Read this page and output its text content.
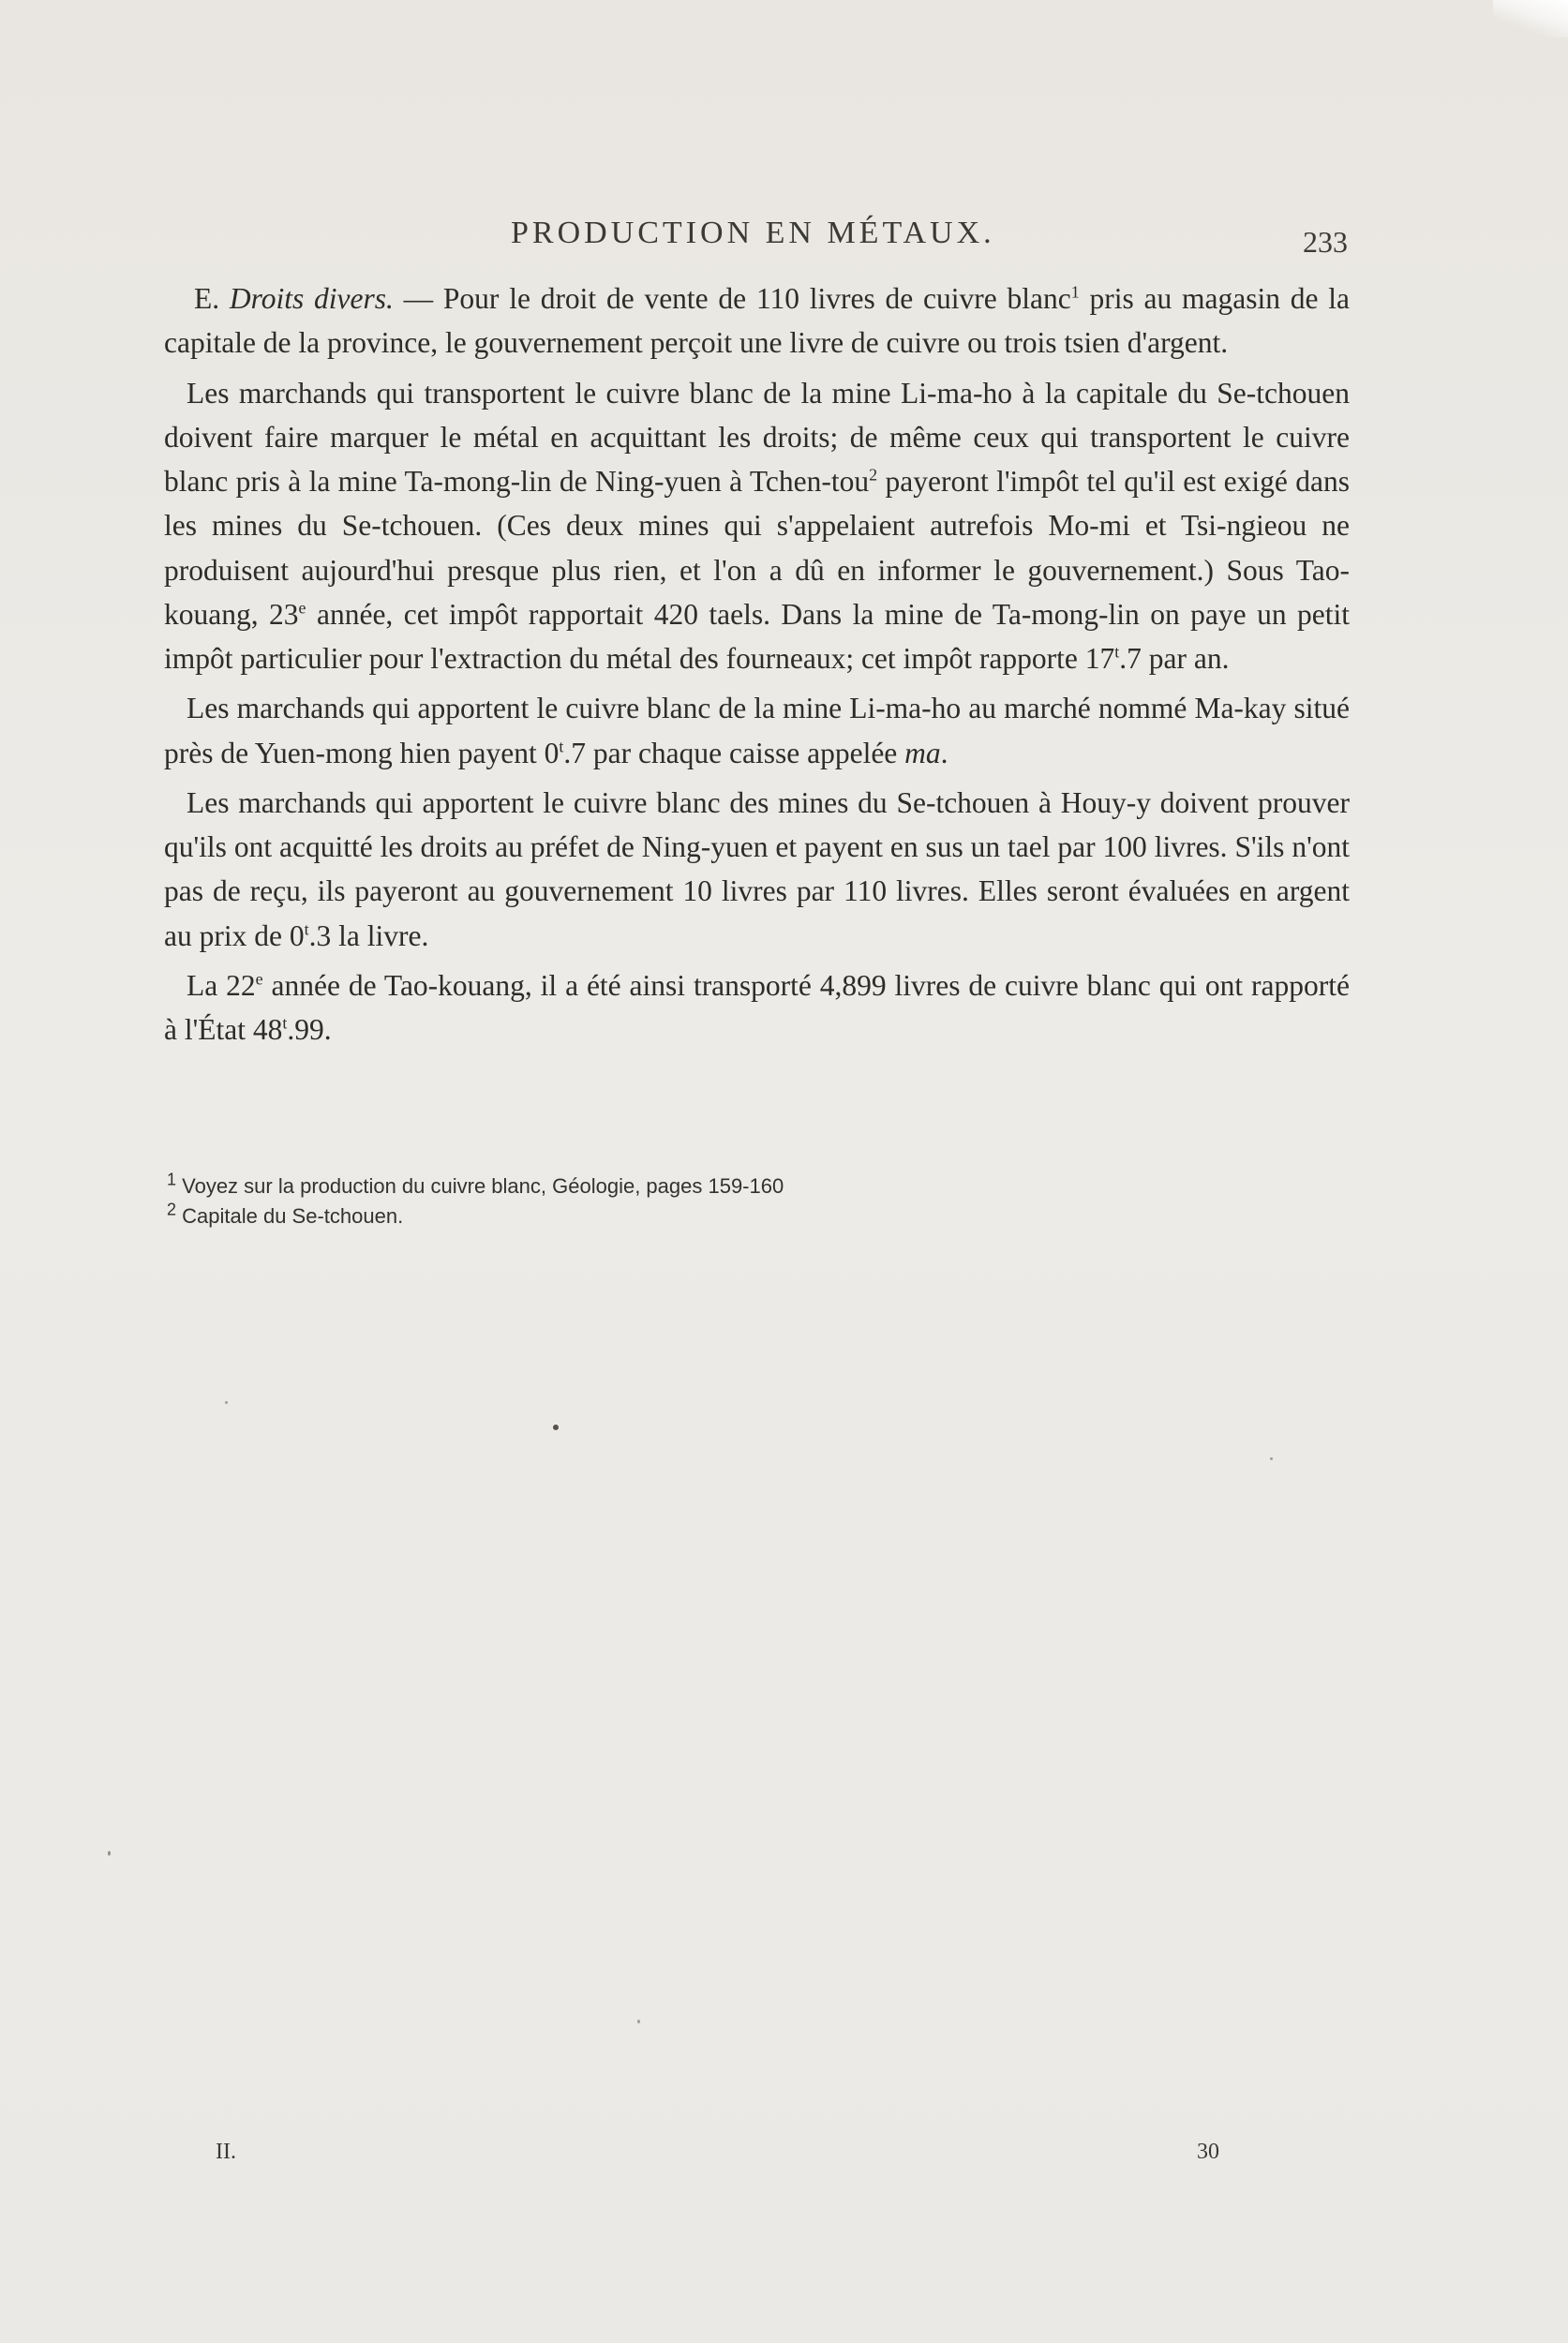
PRODUCTION EN MÉTAUX.	233

E. Droits divers. — Pour le droit de vente de 110 livres de cuivre blanc$^1$ pris au magasin de la capitale de la province, le gouvernement perçoit une livre de cuivre ou trois tsien d'argent.

Les marchands qui transportent le cuivre blanc de la mine Li-ma-ho à la capitale du Se-tchouen doivent faire marquer le métal en acquittant les droits; de même ceux qui transportent le cuivre blanc pris à la mine Ta-mong-lin de Ning-yuen à Tchen-tou$^2$ payeront l'impôt tel qu'il est exigé dans les mines du Se-tchouen. (Ces deux mines qui s'appelaient autrefois Mo-mi et Tsi-ngieou ne produisent aujourd'hui presque plus rien, et l'on a dû en informer le gouvernement.) Sous Tao-kouang, 23e année, cet impôt rapportait 420 taels. Dans la mine de Ta-mong-lin on paye un petit impôt particulier pour l'extraction du métal des fourneaux; cet impôt rapporte 17$^t$.7 par an.

Les marchands qui apportent le cuivre blanc de la mine Li-ma-ho au marché nommé Ma-kay situé près de Yuen-mong hien payent 0$^t$.7 par chaque caisse appelée ma.

Les marchands qui apportent le cuivre blanc des mines du Se-tchouen à Houy-y doivent prouver qu'ils ont acquitté les droits au préfet de Ning-yuen et payent en sus un tael par 100 livres. S'ils n'ont pas de reçu, ils payeront au gouvernement 10 livres par 110 livres. Elles seront évaluées en argent au prix de 0$^t$.3 la livre.

La 22e année de Tao-kouang, il a été ainsi transporté 4,899 livres de cuivre blanc qui ont rapporté à l'État 48$^t$.99.

$^1$ Voyez sur la production du cuivre blanc, Géologie, pages 159-160
$^2$ Capitale du Se-tchouen.
II.	30
